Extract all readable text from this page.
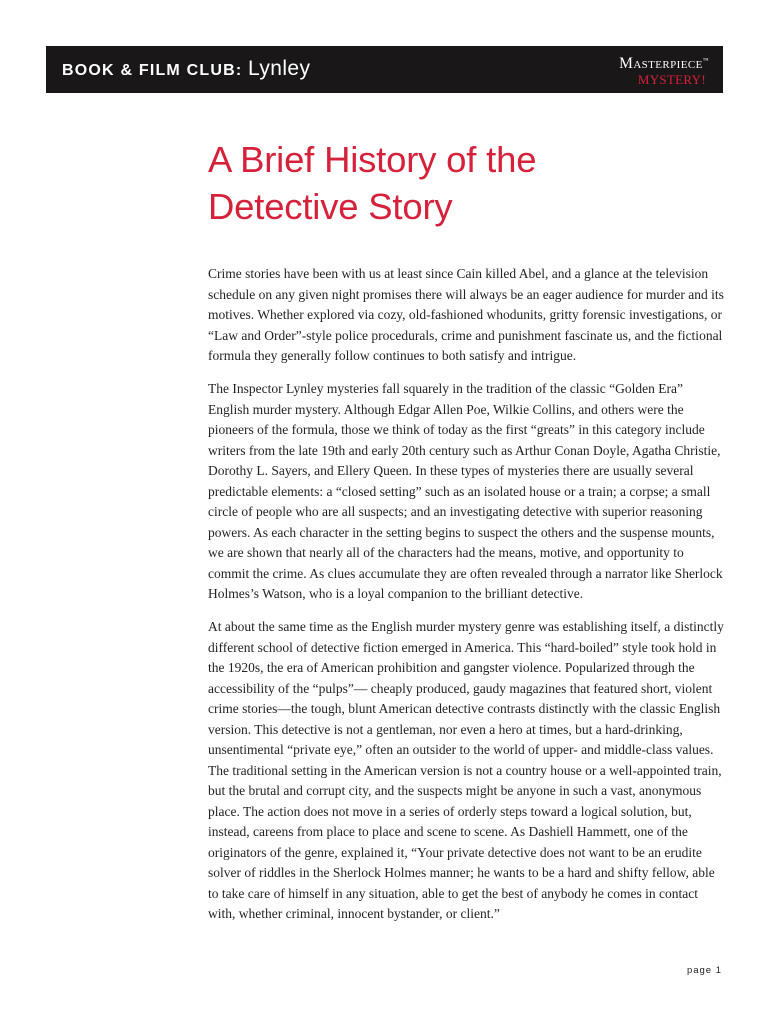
BOOK & FILM CLUB: Lynley	Masterpiece™
MYSTERY!
A Brief History of the
Detective Story

Crime stories have been with us at least since Cain killed Abel, and a glance at the television schedule on any given night promises there will always be an eager audience for murder and its motives. Whether explored via cozy, old-fashioned whodunits, gritty forensic investigations, or “Law and Order”-style police procedurals, crime and punishment fascinate us, and the fictional formula they generally follow continues to both satisfy and intrigue.

The Inspector Lynley mysteries fall squarely in the tradition of the classic “Golden Era” English murder mystery. Although Edgar Allen Poe, Wilkie Collins, and others were the pioneers of the formula, those we think of today as the first “greats” in this category include writers from the late 19th and early 20th century such as Arthur Conan Doyle, Agatha Christie, Dorothy L. Sayers, and Ellery Queen. In these types of mysteries there are usually several predictable elements: a “closed setting” such as an isolated house or a train; a corpse; a small circle of people who are all suspects; and an investigating detective with superior reasoning powers. As each character in the setting begins to suspect the others and the suspense mounts, we are shown that nearly all of the characters had the means, motive, and opportunity to commit the crime. As clues accumulate they are often revealed through a narrator like Sherlock Holmes’s Watson, who is a loyal companion to the brilliant detective.

At about the same time as the English murder mystery genre was establishing itself, a distinctly different school of detective fiction emerged in America. This “hard-boiled” style took hold in the 1920s, the era of American prohibition and gangster violence. Popularized through the accessibility of the “pulps”— cheaply produced, gaudy magazines that featured short, violent crime stories—the tough, blunt American detective contrasts distinctly with the classic English version. This detective is not a gentleman, nor even a hero at times, but a hard-drinking, unsentimental “private eye,” often an outsider to the world of upper- and middle-class values. The traditional setting in the American version is not a country house or a well-appointed train, but the brutal and corrupt city, and the suspects might be anyone in such a vast, anonymous place. The action does not move in a series of orderly steps toward a logical solution, but, instead, careens from place to place and scene to scene. As Dashiell Hammett, one of the originators of the genre, explained it, “Your private detective does not want to be an erudite solver of riddles in the Sherlock Holmes manner; he wants to be a hard and shifty fellow, able to take care of himself in any situation, able to get the best of anybody he comes in contact with, whether criminal, innocent bystander, or client.”

page 1
